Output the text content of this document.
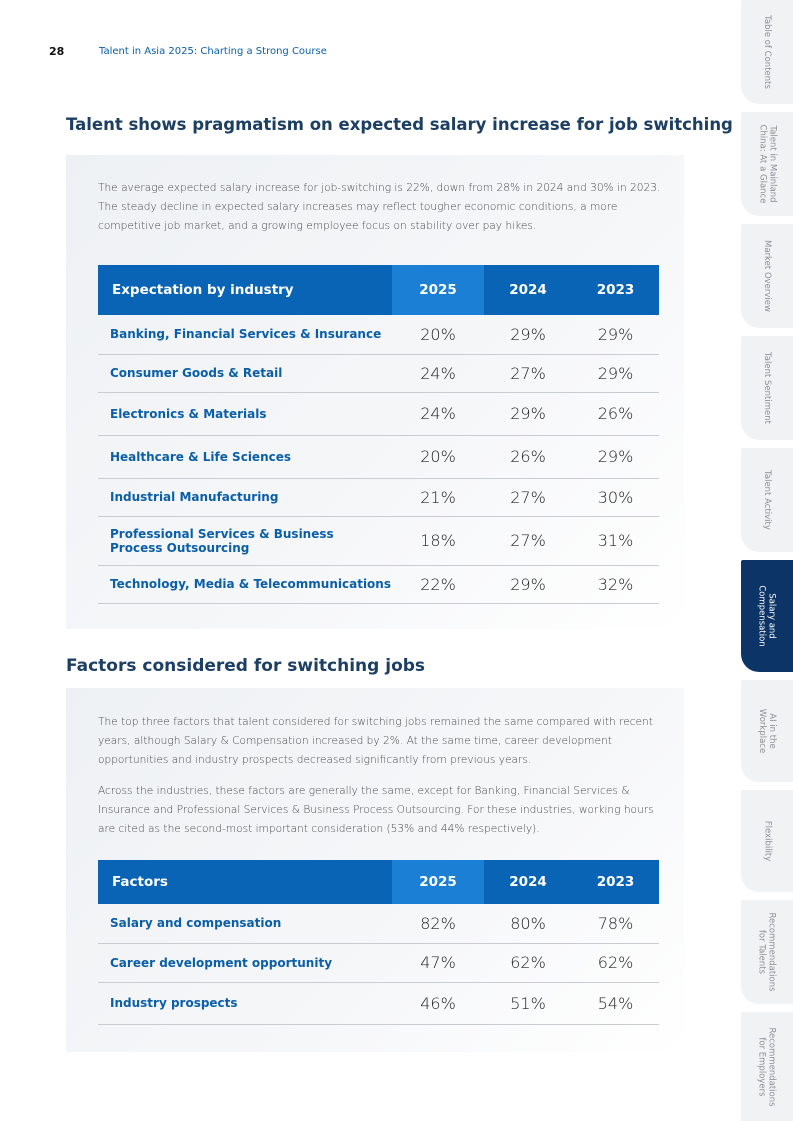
28	Talent in Asia 2025: Charting a Strong Course
Talent shows pragmatism on expected salary increase for job switching

The average expected salary increase for job-switching is 22%, down from 28% in 2024 and 30% in 2023. The steady decline in expected salary increases may reflect tougher economic conditions, a more competitive job market, and a growing employee focus on stability over pay hikes.

Expectation by industry	2025	2024	2023
Banking, Financial Services & Insurance	20%	29%	29%
Consumer Goods & Retail	24%	27%	29%
Electronics & Materials	24%	29%	26%
Healthcare & Life Sciences	20%	26%	29%
Industrial Manufacturing	21%	27%	30%
Professional Services & Business Process Outsourcing	18%	27%	31%
Technology, Media & Telecommunications	22%	29%	32%
Factors considered for switching jobs

The top three factors that talent considered for switching jobs remained the same compared with recent years, although Salary & Compensation increased by 2%. At the same time, career development opportunities and industry prospects decreased significantly from previous years.

Across the industries, these factors are generally the same, except for Banking, Financial Services & Insurance and Professional Services & Business Process Outsourcing. For these industries, working hours are cited as the second-most important consideration (53% and 44% respectively).

Factors	2025	2024	2023
Salary and compensation	82%	80%	78%
Career development opportunity	47%	62%	62%
Industry prospects	46%	51%	54%
Table of Contents
Talent in Mainland
China: At a Glance
Market Overview
Talent Sentiment
Talent Activity
Salary and
Compensation
AI in the
Workplace
Flexibility
Recommendations
for Talents
Recommendations
for Employers
